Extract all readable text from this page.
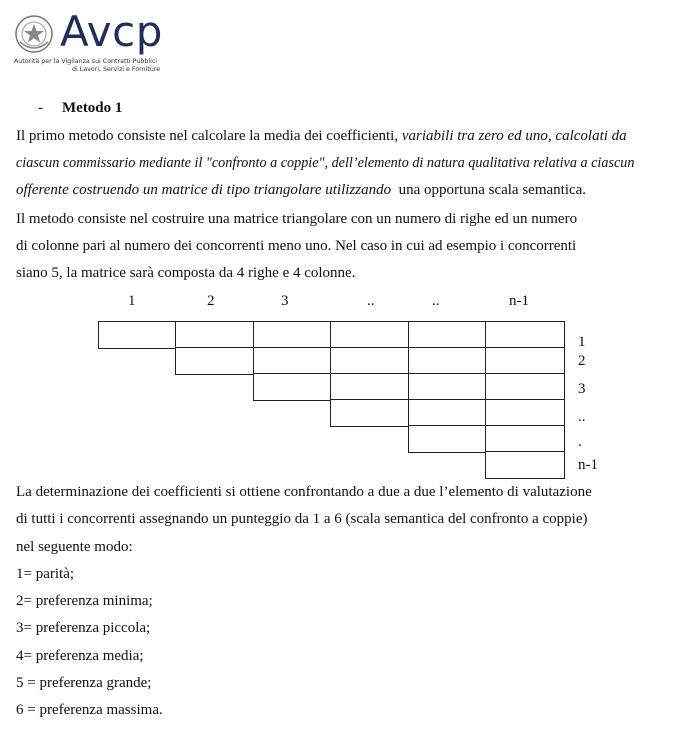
Avcp
Autorità per la Vigilanza sui Contratti Pubblici
di Lavori, Servizi e Forniture
- Metodo 1
Il primo metodo consiste nel calcolare la media dei coefficienti, variabili tra zero ed uno, calcolati da
ciascun commissario mediante il "confronto a coppie", dell’elemento di natura qualitativa relativa a ciascun
offerente costruendo un matrice di tipo triangolare utilizzando  una opportuna scala semantica.
Il metodo consiste nel costruire una matrice triangolare con un numero di righe ed un numero
di colonne pari al numero dei concorrenti meno uno. Nel caso in cui ad esempio i concorrenti
siano 5, la matrice sarà composta da 4 righe e 4 colonne.
1	2	3	..	..	n-1
1
2
3
..
.
n-1
La determinazione dei coefficienti si ottiene confrontando a due a due l’elemento di valutazione
di tutti i concorrenti assegnando un punteggio da 1 a 6 (scala semantica del confronto a coppie)
nel seguente modo:
1= parità;
2= preferenza minima;
3= preferenza piccola;
4= preferenza media;
5 = preferenza grande;
6 = preferenza massima.
